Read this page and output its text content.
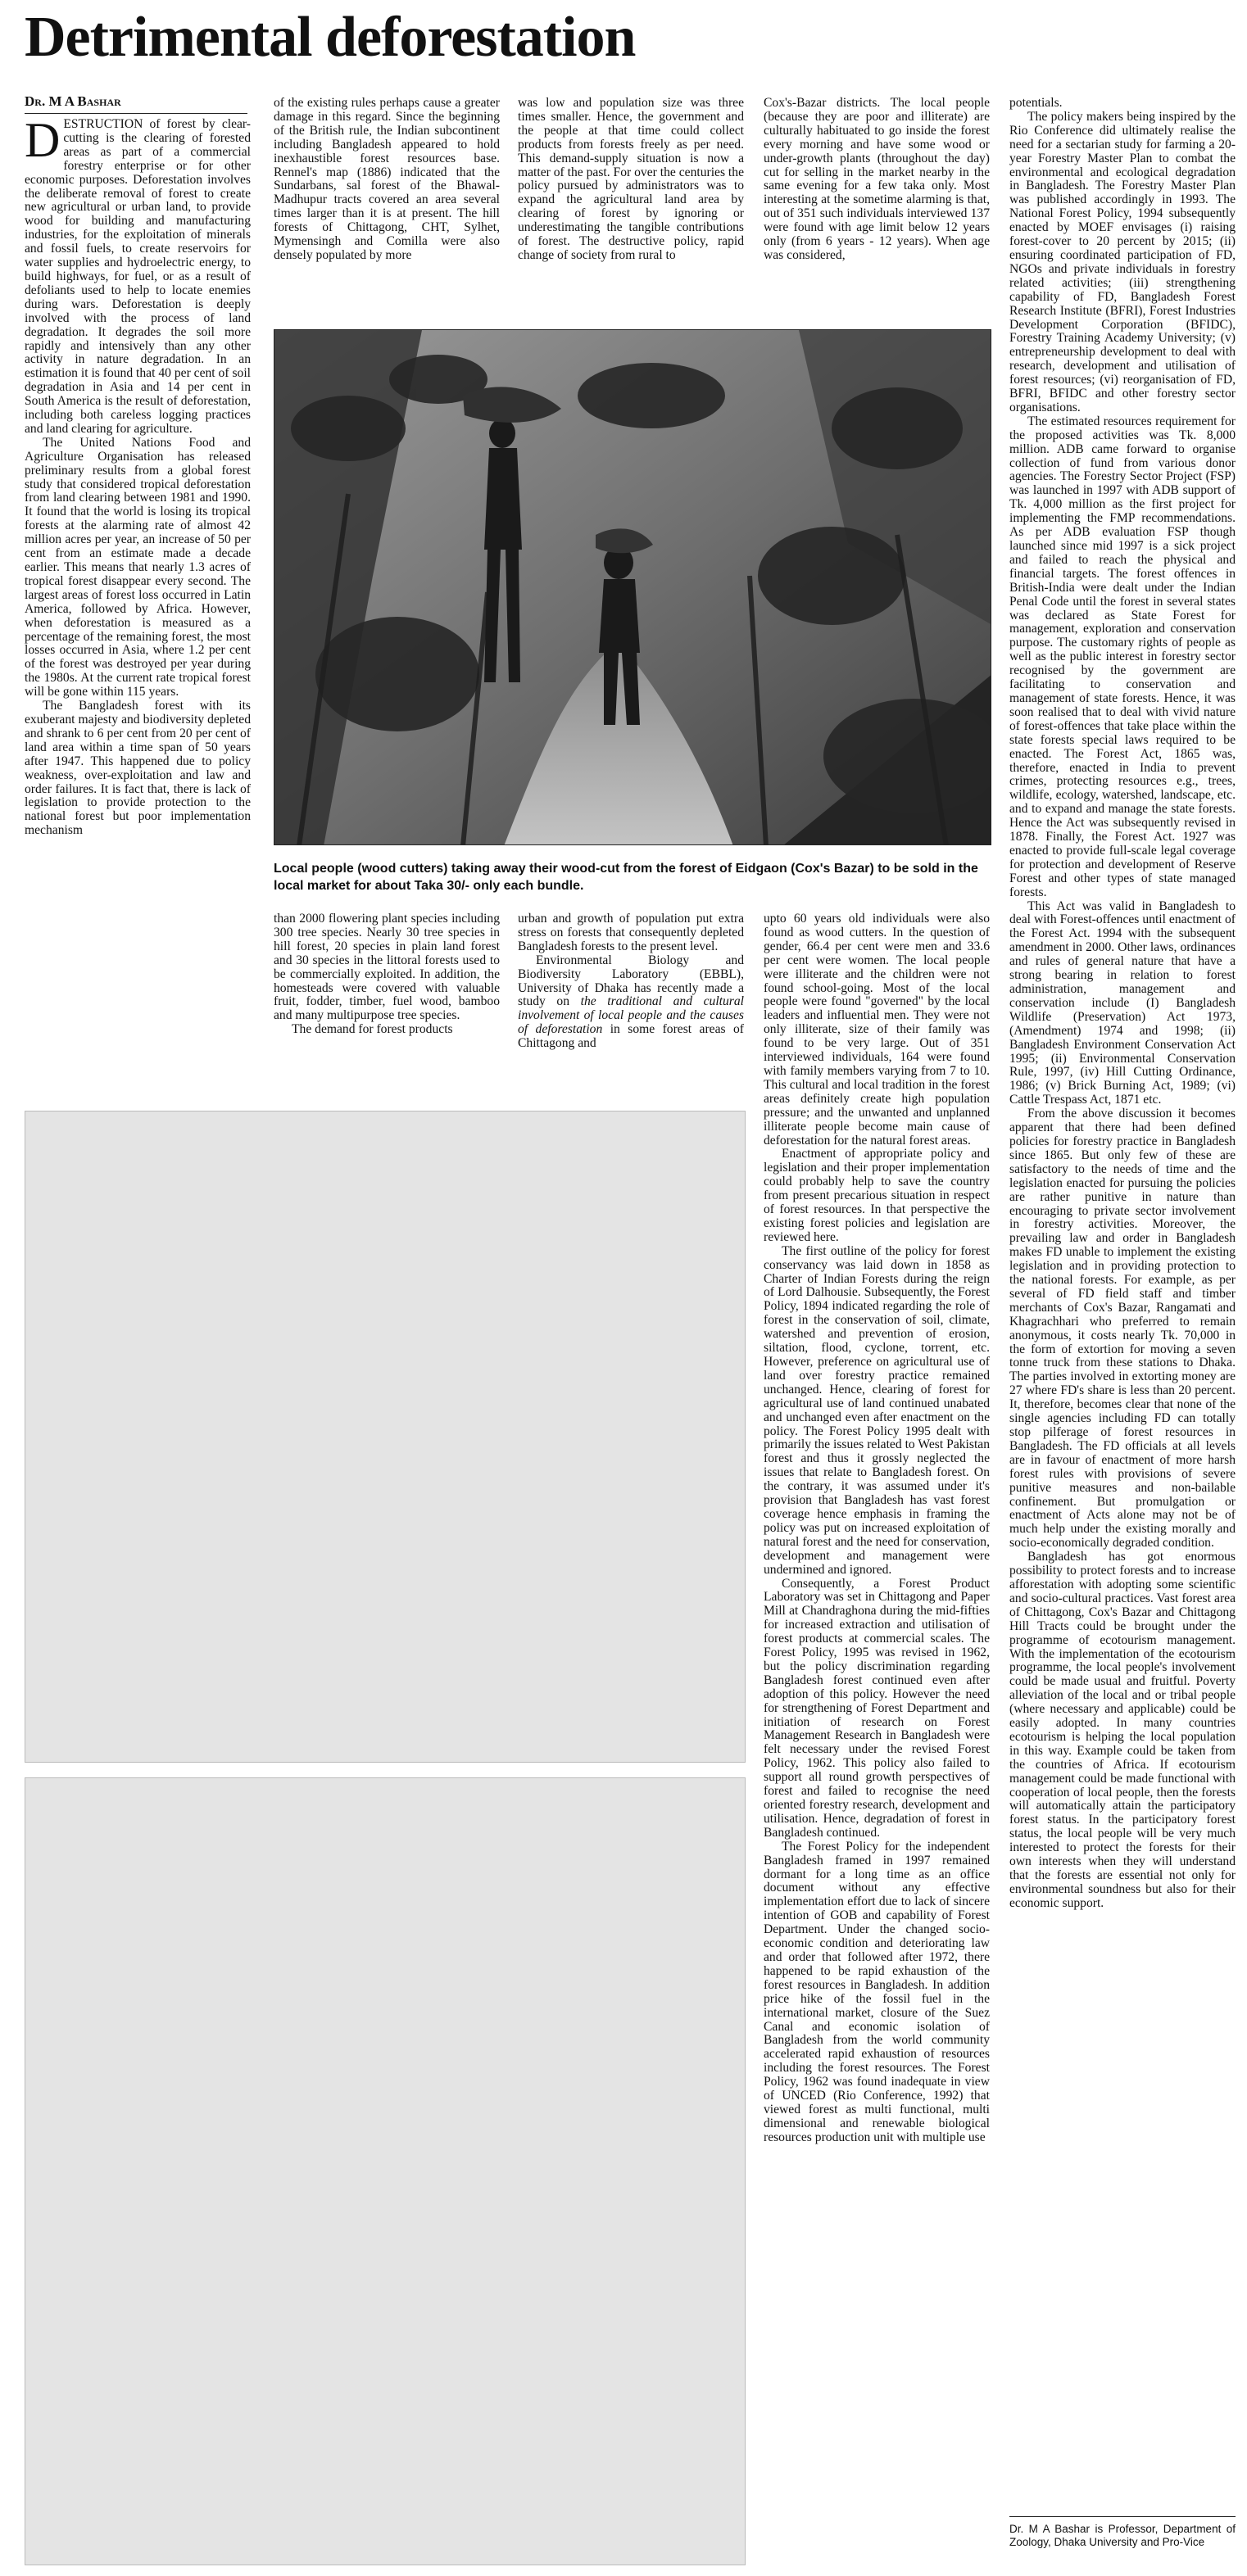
Detrimental deforestation
Dr. M A Bashar

DESTRUCTION of forest by clear-cutting is the clearing of forested areas as part of a commercial forestry enterprise or for other economic purposes. Deforestation involves the deliberate removal of forest to create new agricultural or urban land, to provide wood for building and manufacturing industries, for the exploitation of minerals and fossil fuels, to create reservoirs for water supplies and hydroelectric energy, to build highways, for fuel, or as a result of defoliants used to help to locate enemies during wars. Deforestation is deeply involved with the process of land degradation. It degrades the soil more rapidly and intensively than any other activity in nature degradation. In an estimation it is found that 40 per cent of soil degradation in Asia and 14 per cent in South America is the result of deforestation, including both careless logging practices and land clearing for agriculture.

The United Nations Food and Agriculture Organisation has released preliminary results from a global forest study that considered tropical deforestation from land clearing between 1981 and 1990. It found that the world is losing its tropical forests at the alarming rate of almost 42 million acres per year, an increase of 50 per cent from an estimate made a decade earlier. This means that nearly 1.3 acres of tropical forest disappear every second. The largest areas of forest loss occurred in Latin America, followed by Africa. However, when deforestation is measured as a percentage of the remaining forest, the most losses occurred in Asia, where 1.2 per cent of the forest was destroyed per year during the 1980s. At the current rate tropical forest will be gone within 115 years.

The Bangladesh forest with its exuberant majesty and biodiversity depleted and shrank to 6 per cent from 20 per cent of land area within a time span of 50 years after 1947. This happened due to policy weakness, over-exploitation and law and order failures. It is fact that, there is lack of legislation to provide protection to the national forest but poor implementation mechanism

of the existing rules perhaps cause a greater damage in this regard. Since the beginning of the British rule, the Indian subcontinent including Bangladesh appeared to hold inexhaustible forest resources base. Rennel's map (1886) indicated that the Sundarbans, sal forest of the Bhawal-Madhupur tracts covered an area several times larger than it is at present. The hill forests of Chittagong, CHT, Sylhet, Mymensingh and Comilla were also densely populated by more

was low and population size was three times smaller. Hence, the government and the people at that time could collect products from forests freely as per need. This demand-supply situation is now a matter of the past. For over the centuries the policy pursued by administrators was to expand the agricultural land area by clearing of forest by ignoring or underestimating the tangible contributions of forest. The destructive policy, rapid change of society from rural to

Cox's-Bazar districts. The local people (because they are poor and illiterate) are culturally habituated to go inside the forest every morning and have some wood or under-growth plants (throughout the day) cut for selling in the market nearby in the same evening for a few taka only. Most interesting at the sometime alarming is that, out of 351 such individuals interviewed 137 were found with age limit below 12 years only (from 6 years - 12 years). When age was considered,

Local people (wood cutters) taking away their wood-cut from the forest of Eidgaon (Cox's Bazar) to be sold in the local market for about Taka 30/- only each bundle.

than 2000 flowering plant species including 300 tree species. Nearly 30 tree species in hill forest, 20 species in plain land forest and 30 species in the littoral forests used to be commercially exploited. In addition, the homesteads were covered with valuable fruit, fodder, timber, fuel wood, bamboo and many multipurpose tree species.

The demand for forest products

urban and growth of population put extra stress on forests that consequently depleted Bangladesh forests to the present level.

Environmental Biology and Biodiversity Laboratory (EBBL), University of Dhaka has recently made a study on the traditional and cultural involvement of local people and the causes of deforestation in some forest areas of Chittagong and

upto 60 years old individuals were also found as wood cutters. In the question of gender, 66.4 per cent were men and 33.6 per cent were women. The local people were illiterate and the children were not found school-going. Most of the local people were found "governed" by the local leaders and influential men. They were not only illiterate, size of their family was found to be very large. Out of 351 interviewed individuals, 164 were found with family members varying from 7 to 10. This cultural and local tradition in the forest areas definitely create high population pressure; and the unwanted and unplanned illiterate people become main cause of deforestation for the natural forest areas.

Enactment of appropriate policy and legislation and their proper implementation could probably help to save the country from present precarious situation in respect of forest resources. In that perspective the existing forest policies and legislation are reviewed here.

The first outline of the policy for forest conservancy was laid down in 1858 as Charter of Indian Forests during the reign of Lord Dalhousie. Subsequently, the Forest Policy, 1894 indicated regarding the role of forest in the conservation of soil, climate, watershed and prevention of erosion, siltation, flood, cyclone, torrent, etc. However, preference on agricultural use of land over forestry practice remained unchanged. Hence, clearing of forest for agricultural use of land continued unabated and unchanged even after enactment on the policy. The Forest Policy 1995 dealt with primarily the issues related to West Pakistan forest and thus it grossly neglected the issues that relate to Bangladesh forest. On the contrary, it was assumed under it's provision that Bangladesh has vast forest coverage hence emphasis in framing the policy was put on increased exploitation of natural forest and the need for conservation, development and management were undermined and ignored.

Consequently, a Forest Product Laboratory was set in Chittagong and Paper Mill at Chandraghona during the mid-fifties for increased extraction and utilisation of forest products at commercial scales. The Forest Policy, 1995 was revised in 1962, but the policy discrimination regarding Bangladesh forest continued even after adoption of this policy. However the need for strengthening of Forest Department and initiation of research on Forest Management Research in Bangladesh were felt necessary under the revised Forest Policy, 1962. This policy also failed to support all round growth perspectives of forest and failed to recognise the need oriented forestry research, development and utilisation. Hence, degradation of forest in Bangladesh continued.

The Forest Policy for the independent Bangladesh framed in 1997 remained dormant for a long time as an office document without any effective implementation effort due to lack of sincere intention of GOB and capability of Forest Department. Under the changed socio-economic condition and deteriorating law and order that followed after 1972, there happened to be rapid exhaustion of the forest resources in Bangladesh. In addition price hike of the fossil fuel in the international market, closure of the Suez Canal and economic isolation of Bangladesh from the world community accelerated rapid exhaustion of resources including the forest resources. The Forest Policy, 1962 was found inadequate in view of UNCED (Rio Conference, 1992) that viewed forest as multi functional, multi dimensional and renewable biological resources production unit with multiple use

potentials.

The policy makers being inspired by the Rio Conference did ultimately realise the need for a sectarian study for farming a 20-year Forestry Master Plan to combat the environmental and ecological degradation in Bangladesh. The Forestry Master Plan was published accordingly in 1993. The National Forest Policy, 1994 subsequently enacted by MOEF envisages (i) raising forest-cover to 20 percent by 2015; (ii) ensuring coordinated participation of FD, NGOs and private individuals in forestry related activities; (iii) strengthening capability of FD, Bangladesh Forest Research Institute (BFRI), Forest Industries Development Corporation (BFIDC), Forestry Training Academy University; (v) entrepreneurship development to deal with research, development and utilisation of forest resources; (vi) reorganisation of FD, BFRI, BFIDC and other forestry sector organisations.

The estimated resources requirement for the proposed activities was Tk. 8,000 million. ADB came forward to organise collection of fund from various donor agencies. The Forestry Sector Project (FSP) was launched in 1997 with ADB support of Tk. 4,000 million as the first project for implementing the FMP recommendations. As per ADB evaluation FSP though launched since mid 1997 is a sick project and failed to reach the physical and financial targets. The forest offences in British-India were dealt under the Indian Penal Code until the forest in several states was declared as State Forest for management, exploration and conservation purpose. The customary rights of people as well as the public interest in forestry sector recognised by the government are facilitating to conservation and management of state forests. Hence, it was soon realised that to deal with vivid nature of forest-offences that take place within the state forests special laws required to be enacted. The Forest Act, 1865 was, therefore, enacted in India to prevent crimes, protecting resources e.g., trees, wildlife, ecology, watershed, landscape, etc. and to expand and manage the state forests. Hence the Act was subsequently revised in 1878. Finally, the Forest Act. 1927 was enacted to provide full-scale legal coverage for protection and development of Reserve Forest and other types of state managed forests.

This Act was valid in Bangladesh to deal with Forest-offences until enactment of the Forest Act. 1994 with the subsequent amendment in 2000. Other laws, ordinances and rules of general nature that have a strong bearing in relation to forest administration, management and conservation include (I) Bangladesh Wildlife (Preservation) Act 1973, (Amendment) 1974 and 1998; (ii) Bangladesh Environment Conservation Act 1995; (ii) Environmental Conservation Rule, 1997, (iv) Hill Cutting Ordinance, 1986; (v) Brick Burning Act, 1989; (vi) Cattle Trespass Act, 1871 etc.

From the above discussion it becomes apparent that there had been defined policies for forestry practice in Bangladesh since 1865. But only few of these are satisfactory to the needs of time and the legislation enacted for pursuing the policies are rather punitive in nature than encouraging to private sector involvement in forestry activities. Moreover, the prevailing law and order in Bangladesh makes FD unable to implement the existing legislation and in providing protection to the national forests. For example, as per several of FD field staff and timber merchants of Cox's Bazar, Rangamati and Khagrachhari who preferred to remain anonymous, it costs nearly Tk. 70,000 in the form of extortion for moving a seven tonne truck from these stations to Dhaka. The parties involved in extorting money are 27 where FD's share is less than 20 percent. It, therefore, becomes clear that none of the single agencies including FD can totally stop pilferage of forest resources in Bangladesh. The FD officials at all levels are in favour of enactment of more harsh forest rules with provisions of severe punitive measures and non-bailable confinement. But promulgation or enactment of Acts alone may not be of much help under the existing morally and socio-economically degraded condition.

Bangladesh has got enormous possibility to protect forests and to increase afforestation with adopting some scientific and socio-cultural practices. Vast forest area of Chittagong, Cox's Bazar and Chittagong Hill Tracts could be brought under the programme of ecotourism management. With the implementation of the ecotourism programme, the local people's involvement could be made usual and fruitful. Poverty alleviation of the local and or tribal people (where necessary and applicable) could be easily adopted. In many countries ecotourism is helping the local population in this way. Example could be taken from the countries of Africa. If ecotourism management could be made functional with cooperation of local people, then the forests will automatically attain the participatory forest status. In the participatory forest status, the local people will be very much interested to protect the forests for their own interests when they will understand that the forests are essential not only for environmental soundness but also for their economic support.

Dr. M A Bashar is Professor, Department of Zoology, Dhaka University and Pro-Vice
